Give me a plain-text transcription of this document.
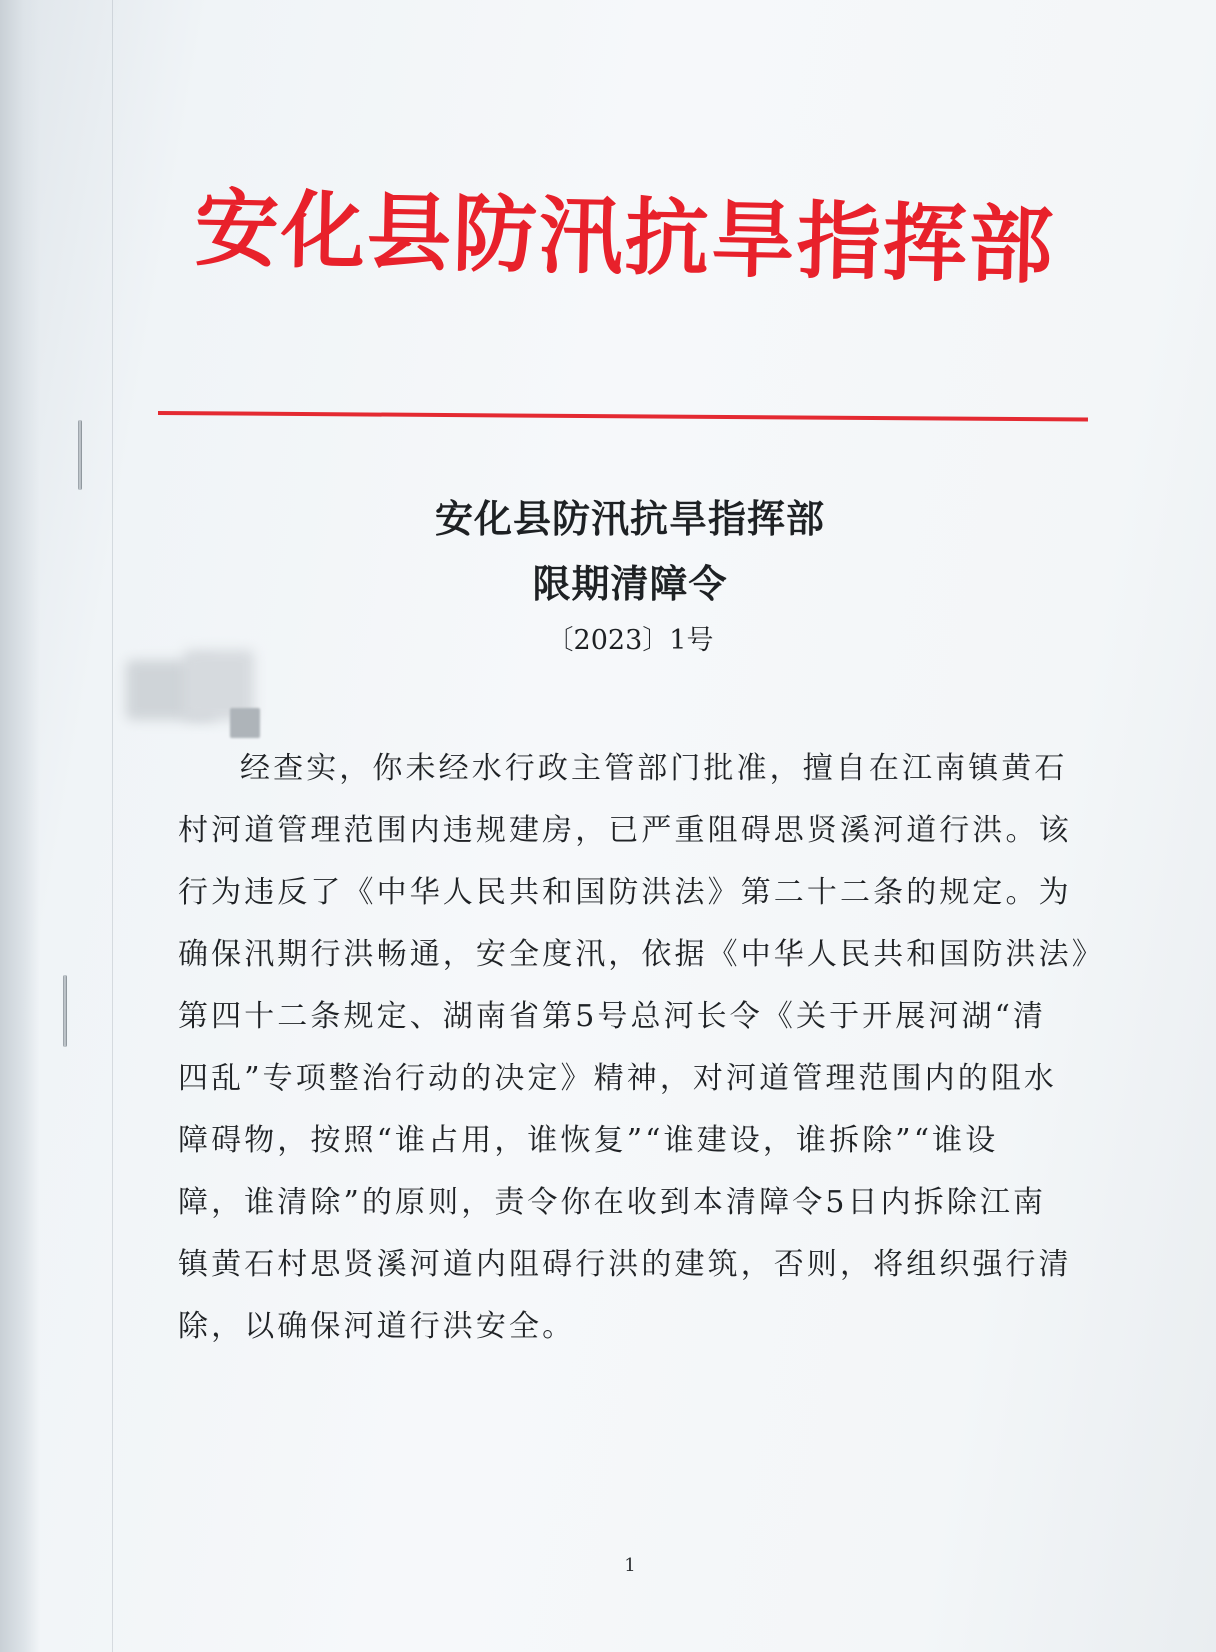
安化县防汛抗旱指挥部
安化县防汛抗旱指挥部
限期清障令
〔2023〕1号
经查实，你未经水行政主管部门批准，擅自在江南镇黄石
村河道管理范围内违规建房，已严重阻碍思贤溪河道行洪。该
行为违反了《中华人民共和国防洪法》第二十二条的规定。为
确保汛期行洪畅通，安全度汛，依据《中华人民共和国防洪法》
第四十二条规定、湖南省第5号总河长令《关于开展河湖“清
四乱”专项整治行动的决定》精神，对河道管理范围内的阻水
障碍物，按照“谁占用，谁恢复”“谁建设，谁拆除”“谁设
障，谁清除”的原则，责令你在收到本清障令5日内拆除江南
镇黄石村思贤溪河道内阻碍行洪的建筑，否则，将组织强行清
除，以确保河道行洪安全。
1
